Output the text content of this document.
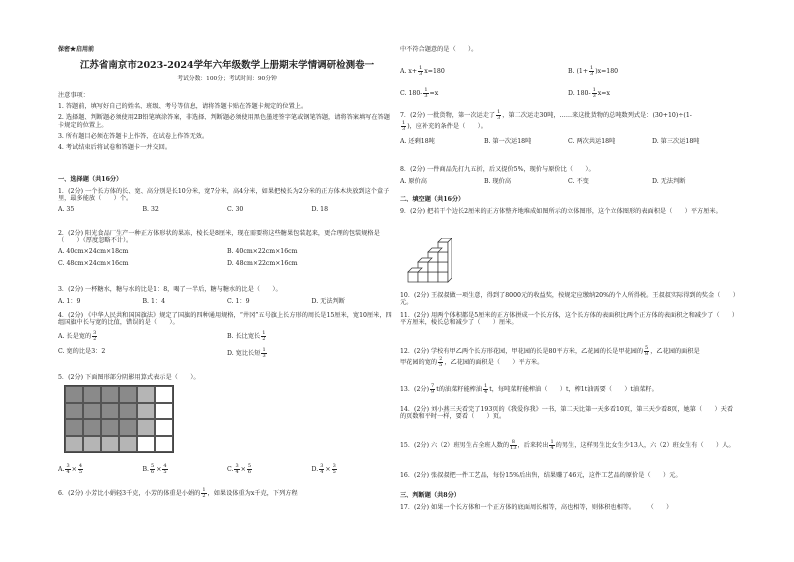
保密★启用前
江苏省南京市2023-2024学年六年级数学上册期末学情调研检测卷一
考试分数：100分；考试时间：90分钟
注意事项：
1. 答题前，填写好自己的姓名、班级、考号等信息，请将答题卡贴在答题卡规定的位置上。
2. 选择题、判断题必须使用2B铅笔填涂答案，非选择、判断题必须使用黑色墨迹签字笔或钢笔答题，请将答案填写在答题卡规定的位置上。
3. 所有题目必须在答题卡上作答，在试卷上作答无效。
4. 考试结束后将试卷和答题卡一并交回。
一、选择题（共16分）
1．(2分) 一个长方体的长、宽、高分别是长10分米，宽7分米，高4分米，如果把棱长为2分米的正方体木块放到这个盒子里，最多能放（　　）个。
A. 35	B. 32	C. 30	D. 18
2．(2分) 阳光食品厂生产一种正方体形状的果冻，棱长是8厘米，现在需要将这些糖果包装起来，更合理的包装规格是（　　）（厚度忽略不计）。
A. 40cm×24cm×18cm	B. 40cm×22cm×16cm
C. 48cm×24cm×16cm	D. 48cm×22cm×16cm
3．(2分) 一杯糖水，糖与水的比是1：8，喝了一半后，糖与糖水的比是（　　）。
A. 1：9	B. 1：4	C. 1：9	D. 无法判断
4．(2分) 《中华人民共和国国旗法》规定了国旗的四种通用规格，“井冈”五号旗上长方形的周长是15厘米，宽10厘米，四组国旗中长与宽的比值，错误的是（　　）。
A. 长是宽的 $\frac{3}{2}$	B. 长比宽长 $\frac{1}{2}$
C. 宽的比是3：2	D. 宽比长短 $\frac{1}{3}$
5．(2分) 下面图形部分阴影用算式表示是（　　）。
A. $\frac{3}{4} \times \frac{4}{5}$	B. $\frac{5}{6} \times \frac{4}{5}$	C. $\frac{3}{4} \times \frac{5}{6}$	D. $\frac{3}{4} \times \frac{3}{5}$
6．(2分) 小芳比小娟轻3千克，小芳的体重是小娟的 $\frac{1}{2}$ ，如果设体重为x千克，下列方程
中不符合题意的是（　　）。
A. $x+ \frac{1}{3} x=180$	B. $(1+ \frac{1}{3} )x=180$
C. $180- \frac{1}{3} =x$	D. $180- \frac{1}{3} x=x$
7．(2分) 一批货物，第一次运走了 $\frac{1}{3}$ ，第二次运走30吨，……来这批货物的总吨数列式是：(30+10)÷(1-

$\frac{1}{3}$ )，应补充的条件是（　　）。
A. 还剩18吨	B. 第一次运18吨	C. 两次共运18吨	D. 第三次运18吨
8．(2分) 一件商品先打九五折，后又提价5%，现价与原价比（　　）。
A. 原价高	B. 现价高	C. 不变	D. 无法判断
二、填空题（共16分）
9．(2分) 把若干个边长2厘米的正方体整齐地堆成如图所示的立体图形，这个立体图形的表面积是（　　）平方厘米。
10．(2分) 王叔叔做一项生意，得到了8000元的收益奖，按规定应缴纳20%的个人所得税。王叔叔实际得到的奖金（　　）元。
11．(2分) 用两个体积都是5厘米的正方体拼成一个长方体，这个长方体的表面积比两个正方体的表面积之和减少了（　　）平方厘米，棱长总和减少了（　　）厘米。
12．(2分) 学校有甲乙两个长方形花园，甲花园的长是80平方米，乙花园的长是甲花园的 $\frac{5}{8}$ ，乙花园的面积是
甲花园的宽的 $\frac{2}{5}$ ，乙花园的面积是（　　）平方米。
13．(2分) $\frac{7}{9}$ t的油菜籽能榨油 $\frac{1}{4}$ t，每吨菜籽能榨油（　　）t，榨1t油需要（　　）t油菜籽。
14．(2分) 刘小燕三天看完了193页的《我爱你我》一书，第二天比第一天多看10页，第三天少看8页，她第（　　）天看的页数和平时一样，要看（　　）页。
15．(2分) 六（2）班男生占全班人数的 $\frac{8}{13}$ ，后来转出 $\frac{1}{4}$ 的男生，这样男生比女生少13人，六（2）班女生有（　　）人。
16．(2分) 张叔叔把一件工艺品，每份15%后出售，结果赚了46元，这件工艺品的原价是（　　）元。
三、判断题（共8分）
17．(2分) 如果一个长方体和一个正方体的底面周长相等，高也相等，则体积也相等。　　　（　　）
